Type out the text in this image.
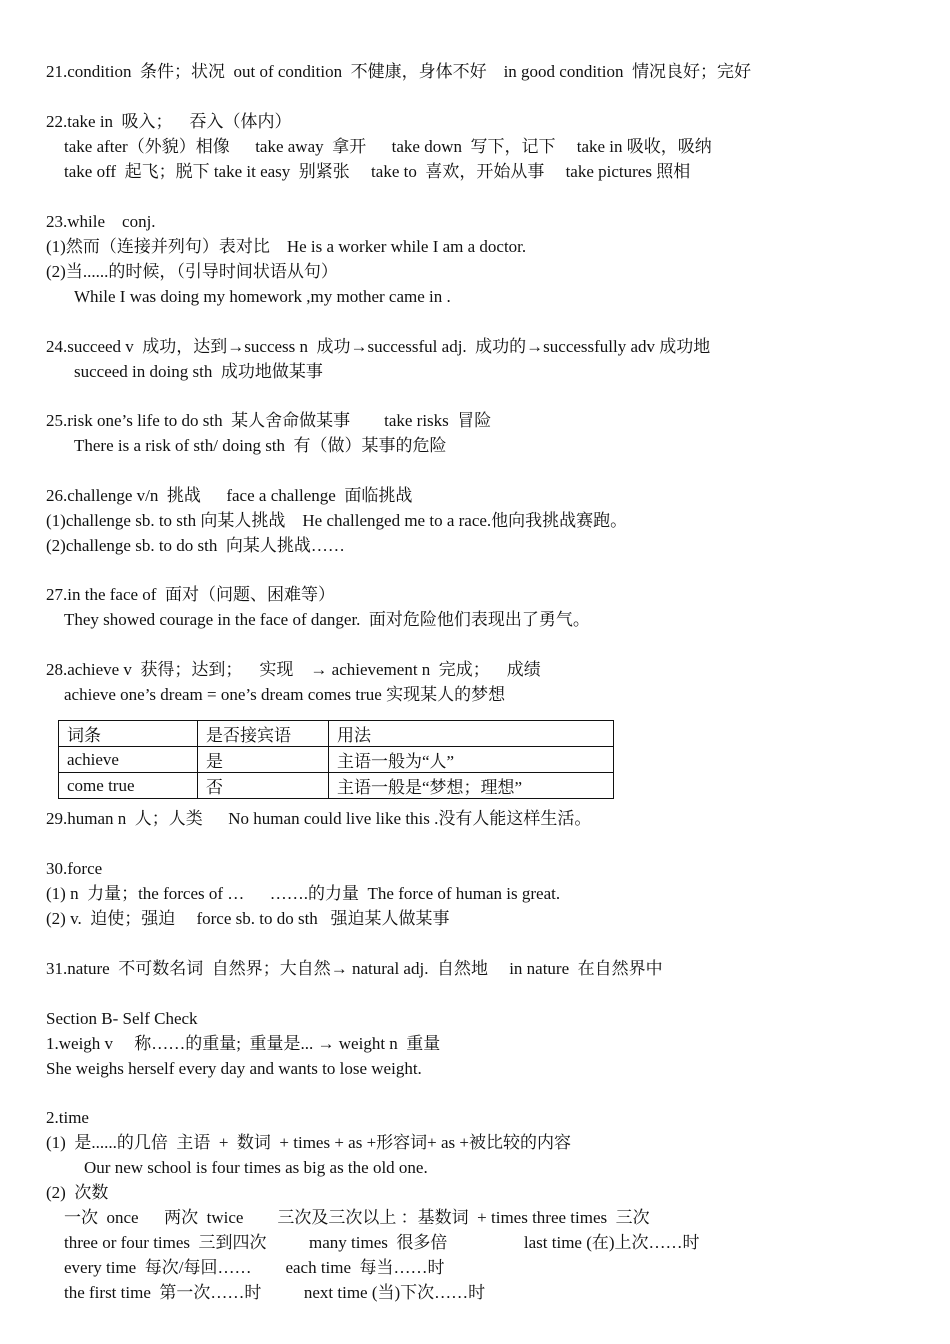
21.condition  条件；状况  out of condition  不健康，身体不好    in good condition  情况良好；完好
22.take in  吸入；    吞入（体内）
take after（外貌）相像      take away  拿开      take down  写下，记下     take in 吸收，吸纳
take off  起飞；脱下 take it easy  别紧张     take to  喜欢，开始从事     take pictures 照相
23.while    conj.
(1)然而（连接并列句）表对比    He is a worker while I am a doctor.
(2)当......的时候，（引导时间状语从句）
While I was doing my homework ,my mother came in .
24.succeed v  成功，达到→success n  成功→successful adj.  成功的→successfully adv 成功地
succeed in doing sth  成功地做某事
25.risk one’s life to do sth  某人舍命做某事        take risks  冒险
There is a risk of sth/ doing sth  有（做）某事的危险
26.challenge v/n  挑战      face a challenge  面临挑战
(1)challenge sb. to sth 向某人挑战    He challenged me to a race.他向我挑战赛跑。
(2)challenge sb. to do sth  向某人挑战……
27.in the face of  面对（问题、困难等）
They showed courage in the face of danger.  面对危险他们表现出了勇气。
28.achieve v  获得；达到；    实现    → achievement n  完成；    成绩
achieve one’s dream = one’s dream comes true 实现某人的梦想
词条	是否接宾语	用法
achieve	是	主语一般为“人”
come true	否	主语一般是“梦想；理想”
29.human n  人；人类      No human could live like this .没有人能这样生活。
30.force
(1) n  力量；the forces of …      …….的力量  The force of human is great.
(2) v.  迫使；强迫     force sb. to do sth   强迫某人做某事
31.nature  不可数名词  自然界；大自然→ natural adj.  自然地     in nature  在自然界中
Section B- Self Check
1.weigh v     称……的重量;  重量是... → weight n  重量
She weighs herself every day and wants to lose weight.
2.time
(1)  是......的几倍  主语  +  数词  + times + as +形容词+ as +被比较的内容
Our new school is four times as big as the old one.
(2)  次数
一次  once      两次  twice        三次及三次以上 ：基数词  + times three times  三次
three or four times  三到四次          many times  很多倍                  last time (在)上次……时
every time  每次/每回……        each time  每当……时
the first time  第一次……时          next time (当)下次……时
